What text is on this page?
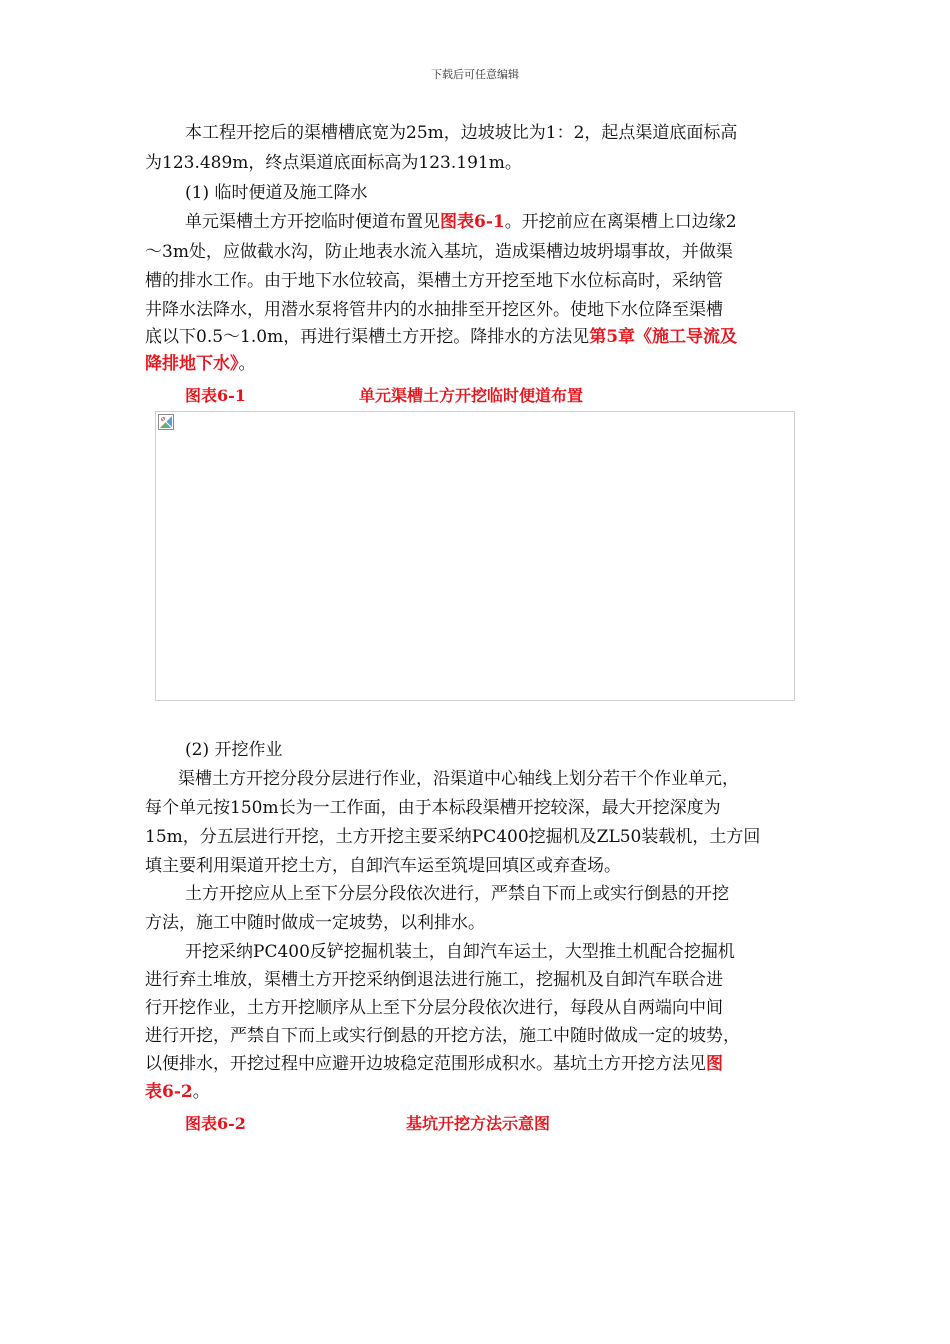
下载后可任意编辑
本工程开挖后的渠槽槽底宽为25m，边坡坡比为1：2，起点渠道底面标高
为123.489m，终点渠道底面标高为123.191m。
(1) 临时便道及施工降水
单元渠槽土方开挖临时便道布置见图表6-1。开挖前应在离渠槽上口边缘2
～3m处，应做截水沟，防止地表水流入基坑，造成渠槽边坡坍塌事故，并做渠
槽的排水工作。由于地下水位较高，渠槽土方开挖至地下水位标高时，采纳管
井降水法降水，用潜水泵将管井内的水抽排至开挖区外。使地下水位降至渠槽
底以下0.5～1.0m，再进行渠槽土方开挖。降排水的方法见第5章《施工导流及
降排地下水》。
图表6-1	单元渠槽土方开挖临时便道布置
(2) 开挖作业
渠槽土方开挖分段分层进行作业，沿渠道中心轴线上划分若干个作业单元，
每个单元按150m长为一工作面，由于本标段渠槽开挖较深，最大开挖深度为
15m，分五层进行开挖，土方开挖主要采纳PC400挖掘机及ZL50装载机，土方回
填主要利用渠道开挖土方，自卸汽车运至筑堤回填区或弃查场。
土方开挖应从上至下分层分段依次进行，严禁自下而上或实行倒悬的开挖
方法，施工中随时做成一定坡势，以利排水。
开挖采纳PC400反铲挖掘机装土，自卸汽车运土，大型推土机配合挖掘机
进行弃土堆放，渠槽土方开挖采纳倒退法进行施工，挖掘机及自卸汽车联合进
行开挖作业，土方开挖顺序从上至下分层分段依次进行，每段从自两端向中间
进行开挖，严禁自下而上或实行倒悬的开挖方法，施工中随时做成一定的坡势，
以便排水，开挖过程中应避开边坡稳定范围形成积水。基坑土方开挖方法见图
表6-2。
图表6-2	基坑开挖方法示意图
